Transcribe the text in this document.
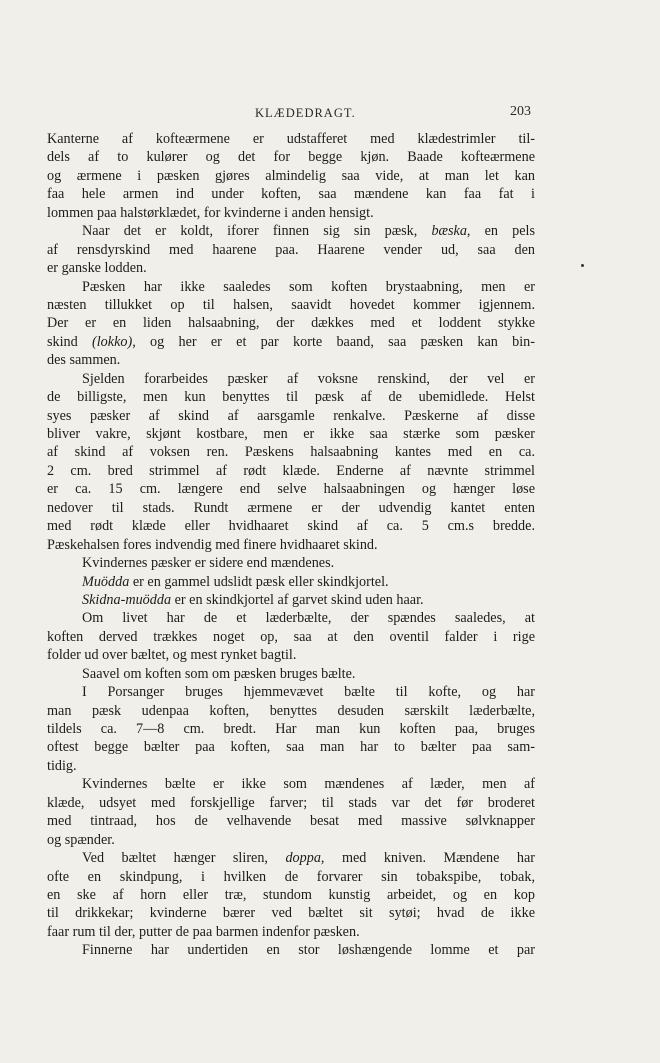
KLÆDEDRAGT.	203
Kanterne af kofteærmene er udstafferet med klædestrimler til-
dels af to kulører og det for begge kjøn. Baade kofteærmene
og ærmene i pæsken gjøres almindelig saa vide, at man let kan
faa hele armen ind under koften, saa mændene kan faa fat i
lommen paa halstørklædet, for kvinderne i anden hensigt.
Naar det er koldt, iforer finnen sig sin pæsk, bæska, en pels
af rensdyrskind med haarene paa. Haarene vender ud, saa den
er ganske lodden.
Pæsken har ikke saaledes som koften brystaabning, men er
næsten tillukket op til halsen, saavidt hovedet kommer igjennem.
Der er en liden halsaabning, der dækkes med et loddent stykke
skind (lokko), og her er et par korte baand, saa pæsken kan bin-
des sammen.
Sjelden forarbeides pæsker af voksne renskind, der vel er
de billigste, men kun benyttes til pæsk af de ubemidlede. Helst
syes pæsker af skind af aarsgamle renkalve. Pæskerne af disse
bliver vakre, skjønt kostbare, men er ikke saa stærke som pæsker
af skind af voksen ren. Pæskens halsaabning kantes med en ca.
2 cm. bred strimmel af rødt klæde. Enderne af nævnte strimmel
er ca. 15 cm. længere end selve halsaabningen og hænger løse
nedover til stads. Rundt ærmene er der udvendig kantet enten
med rødt klæde eller hvidhaaret skind af ca. 5 cm.s bredde.
Pæskehalsen fores indvendig med finere hvidhaaret skind.
Kvindernes pæsker er sidere end mændenes.
Muödda er en gammel udslidt pæsk eller skindkjortel.
Skidna-muödda er en skindkjortel af garvet skind uden haar.
Om livet har de et læderbælte, der spændes saaledes, at
koften derved trækkes noget op, saa at den oventil falder i rige
folder ud over bæltet, og mest rynket bagtil.
Saavel om koften som om pæsken bruges bælte.
I Porsanger bruges hjemmevævet bælte til kofte, og har
man pæsk udenpaa koften, benyttes desuden særskilt læderbælte,
tildels ca. 7—8 cm. bredt. Har man kun koften paa, bruges
oftest begge bælter paa koften, saa man har to bælter paa sam-
tidig.
Kvindernes bælte er ikke som mændenes af læder, men af
klæde, udsyet med forskjellige farver; til stads var det før broderet
med tintraad, hos de velhavende besat med massive sølvknapper
og spænder.
Ved bæltet hænger sliren, doppa, med kniven. Mændene har
ofte en skindpung, i hvilken de forvarer sin tobakspibe, tobak,
en ske af horn eller træ, stundom kunstig arbeidet, og en kop
til drikkekar; kvinderne bærer ved bæltet sit sytøi; hvad de ikke
faar rum til der, putter de paa barmen indenfor pæsken.
Finnerne har undertiden en stor løshængende lomme et par
